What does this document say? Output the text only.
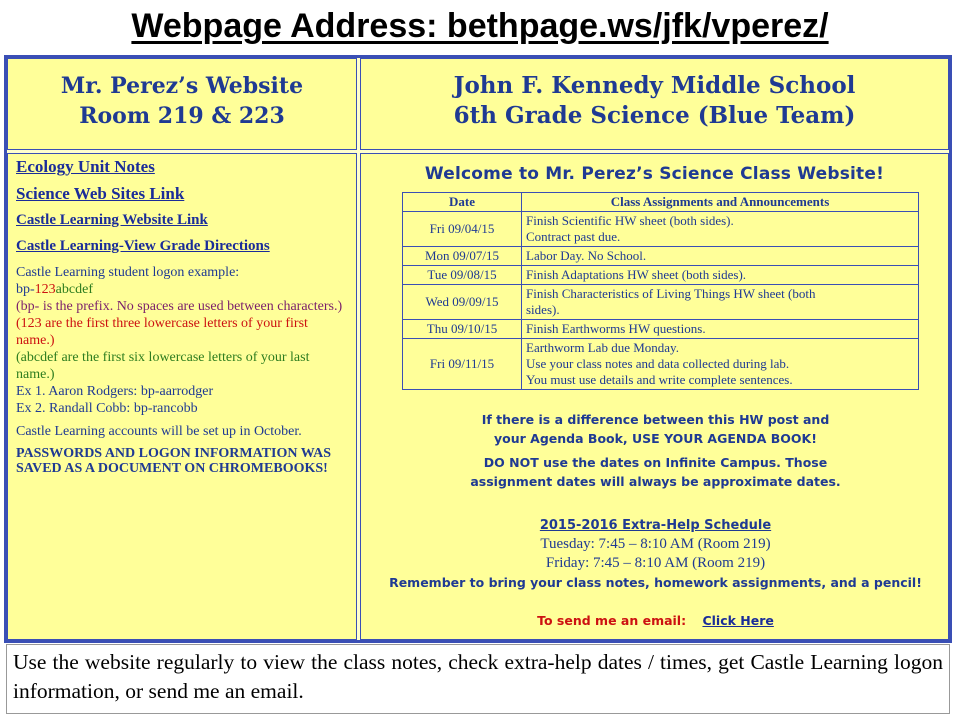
Webpage Address: bethpage.ws/jfk/vperez/
Mr. Perez’s Website
Room 219 & 223
John F. Kennedy Middle School
6th Grade Science (Blue Team)
Ecology Unit Notes
Science Web Sites Link
Castle Learning Website Link
Castle Learning-View Grade Directions
Castle Learning student logon example:
bp-123abcdef
(bp- is the prefix. No spaces are used between characters.)
(123 are the first three lowercase letters of your first name.)
(abcdef are the first six lowercase letters of your last name.)
Ex 1. Aaron Rodgers: bp-aarrodger
Ex 2. Randall Cobb: bp-rancobb
Castle Learning accounts will be set up in October.
PASSWORDS AND LOGON INFORMATION WAS SAVED AS A DOCUMENT ON CHROMEBOOKS!
Welcome to Mr. Perez’s Science Class Website!
Date	Class Assignments and Announcements
Fri 09/04/15	Finish Scientific HW sheet (both sides).
Contract past due.

Mon 09/07/15	Labor Day. No School.

Tue 09/08/15	Finish Adaptations HW sheet (both sides).

Wed 09/09/15	Finish Characteristics of Living Things HW sheet (both
sides).

Thu 09/10/15	Finish Earthworms HW questions.

Fri 09/11/15	Earthworm Lab due Monday.
Use your class notes and data collected during lab.
You must use details and write complete sentences.
If there is a difference between this HW post and
your Agenda Book, USE YOUR AGENDA BOOK!
DO NOT use the dates on Infinite Campus. Those
assignment dates will always be approximate dates.
2015-2016 Extra-Help Schedule
Tuesday: 7:45 – 8:10 AM (Room 219)
Friday: 7:45 – 8:10 AM (Room 219)
Remember to bring your class notes, homework assignments, and a pencil!
To send me an email: Click Here
Use the website regularly to view the class notes, check extra-help dates / times, get Castle Learning logon information, or send me an email.
